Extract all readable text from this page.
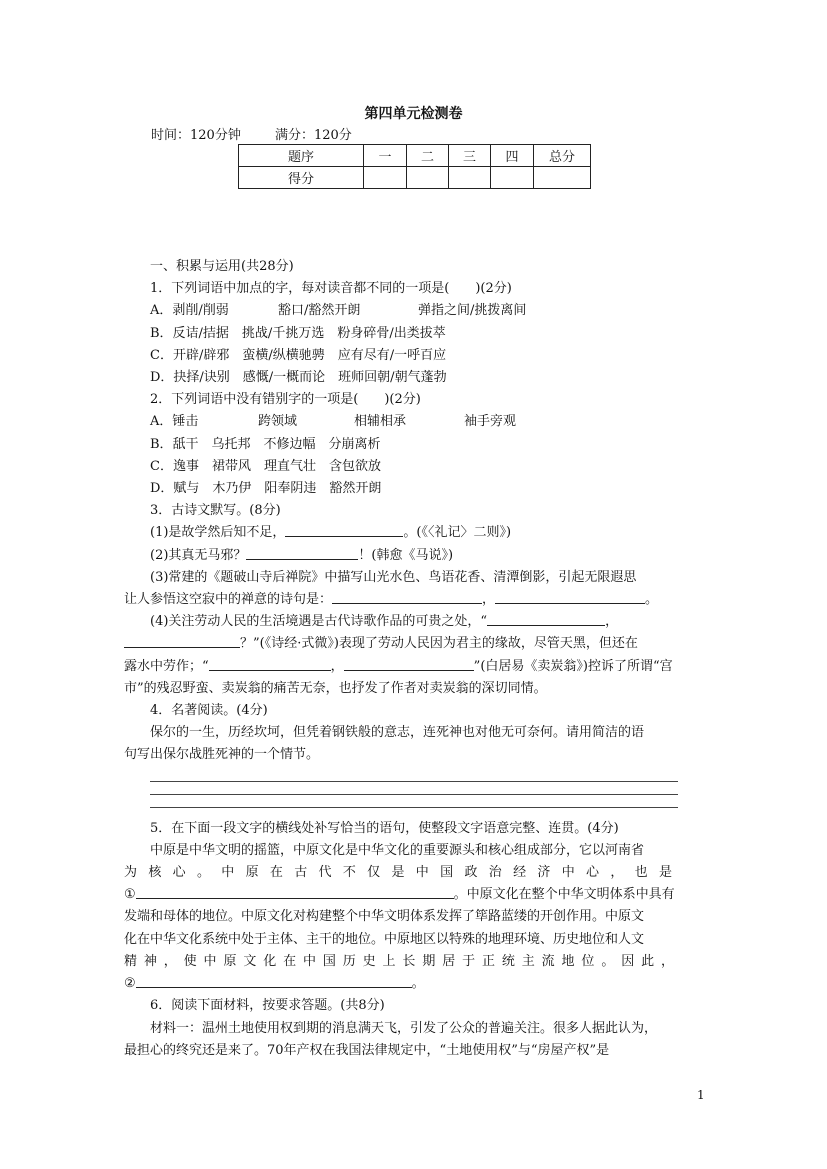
第四单元检测卷
时间：120分钟	满分：120分
题序	一	二	三	四	总分
得分					
一、积累与运用(共28分)
1．下列词语中加点的字，每对读音都不同的一项是(　　)(2分)
A．剥削/削弱	豁口/豁然开朗	弹指之间/挑拨离间
B．反诘/拮据　挑战/千挑万选　粉身碎骨/出类拔萃
C．开辟/辟邪　蛮横/纵横驰骋　应有尽有/一呼百应
D．抉择/诀别　感慨/一概而论　班师回朝/朝气蓬勃
2．下列词语中没有错别字的一项是(　　)(2分)
A．锤击	跨领域	相辅相承	袖手旁观
B．舐干　乌托邦　不修边幅　分崩离析
C．逸事　裙带风　理直气壮　含包欲放
D．赋与　木乃伊　阳奉阴违　豁然开朗
3．古诗文默写。(8分)
(1)是故学然后知不足，	。(《〈礼记〉二则》)
(2)其真无马邪？	！(韩愈《马说》)
(3)常建的《题破山寺后禅院》中描写山光水色、鸟语花香、清潭倒影，引起无限遐思
让人参悟这空寂中的禅意的诗句是：	，	。
(4)关注劳动人民的生活境遇是古代诗歌作品的可贵之处，“	，
？”(《诗经·式微》)表现了劳动人民因为君主的缘故，尽管天黑，但还在
露水中劳作；“	，	”(白居易《卖炭翁》)控诉了所谓“宫
市”的残忍野蛮、卖炭翁的痛苦无奈，也抒发了作者对卖炭翁的深切同情。
4．名著阅读。(4分)
保尔的一生，历经坎坷，但凭着钢铁般的意志，连死神也对他无可奈何。请用简洁的语
句写出保尔战胜死神的一个情节。
5．在下面一段文字的横线处补写恰当的语句，使整段文字语意完整、连贯。(4分)
中原是中华文明的摇篮，中原文化是中华文化的重要源头和核心组成部分，它以河南省
为核心。中原在古代不仅是中国政治经济中心，也是
①	。中原文化在整个中华文明体系中具有
发端和母体的地位。中原文化对构建整个中华文明体系发挥了筚路蓝缕的开创作用。中原文
化在中华文化系统中处于主体、主干的地位。中原地区以特殊的地理环境、历史地位和人文
精神，使中原文化在中国历史上长期居于正统主流地位。因此，
②	。
6．阅读下面材料，按要求答题。(共8分)
材料一：温州土地使用权到期的消息满天飞，引发了公众的普遍关注。很多人据此认为，
最担心的终究还是来了。70年产权在我国法律规定中，“土地使用权”与“房屋产权”是
1
